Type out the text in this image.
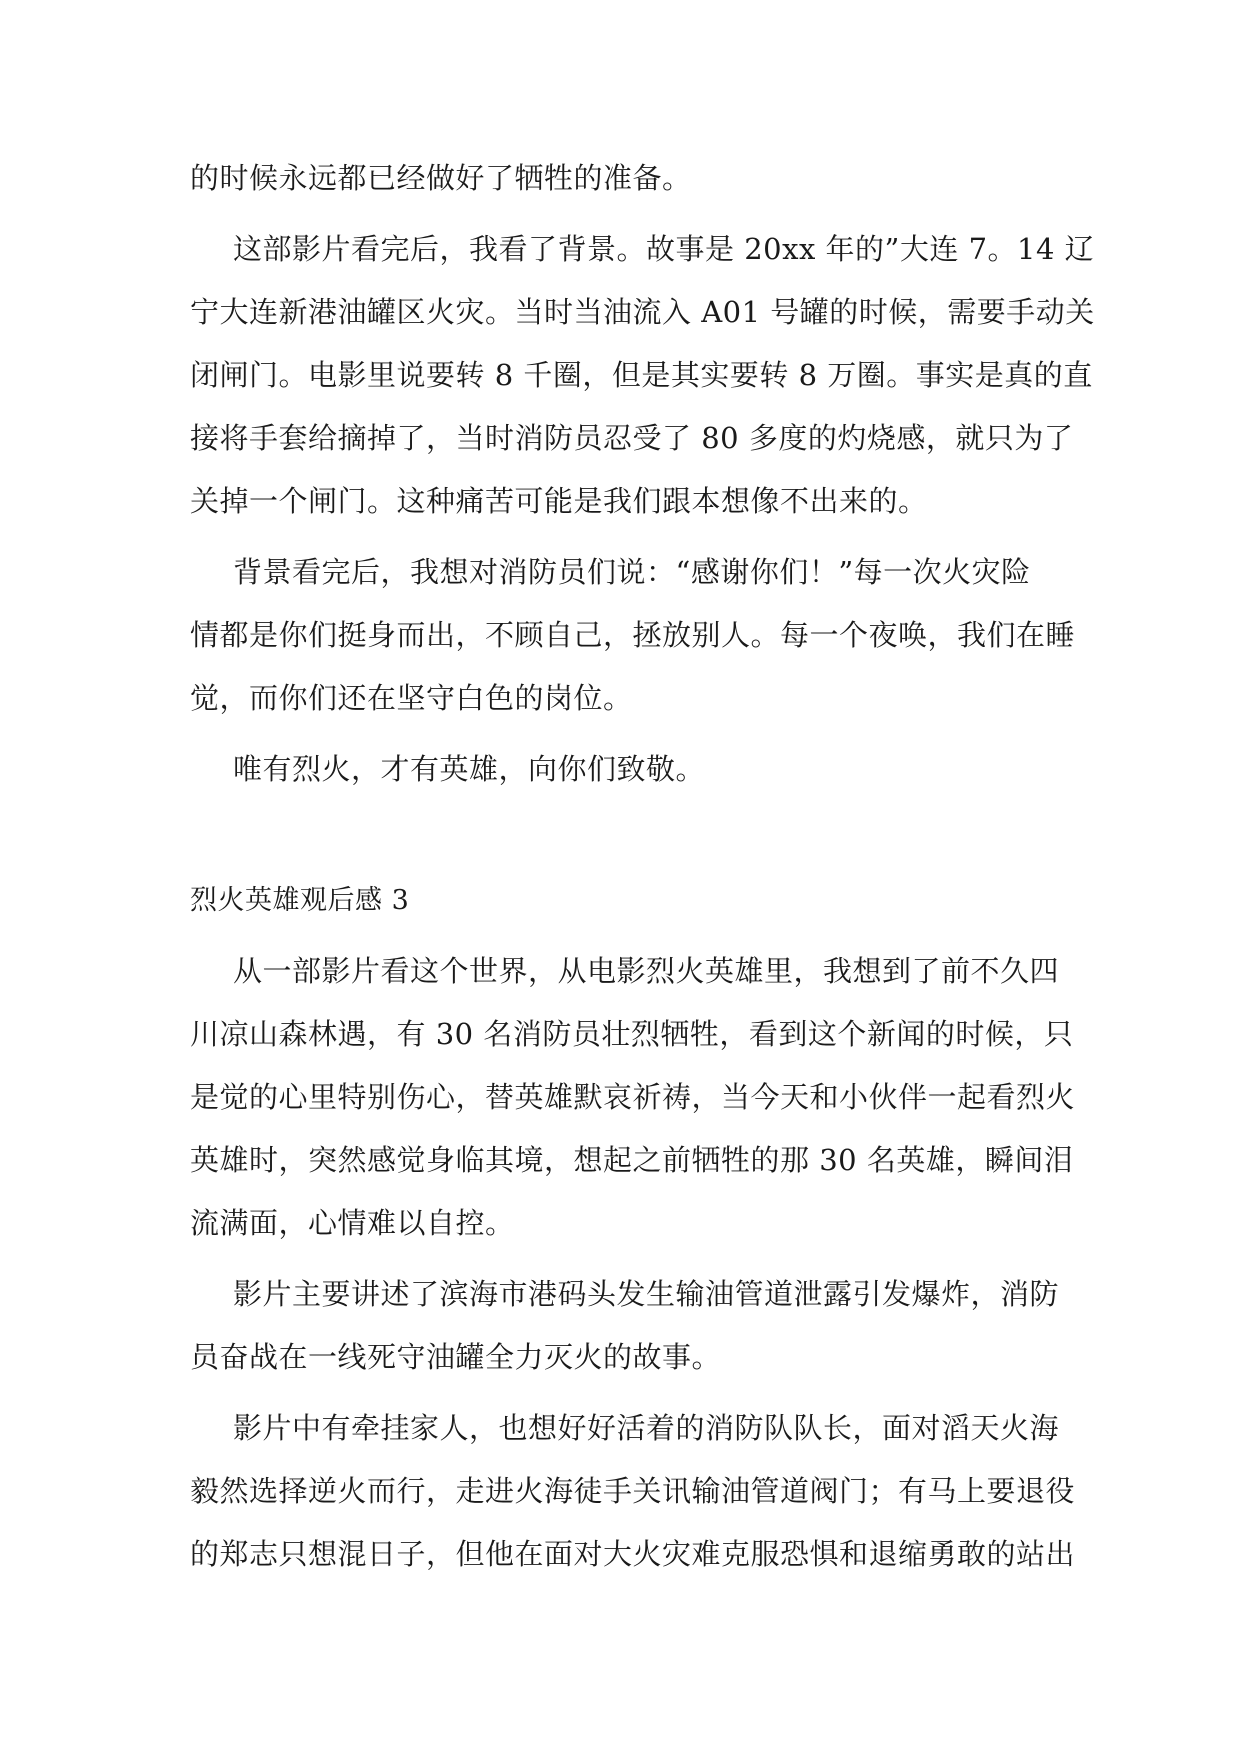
的时候永远都已经做好了牺牲的准备。

这部影片看完后，我看了背景。故事是 20xx 年的”大连 7。14 辽

宁大连新港油罐区火灾。当时当油流入 A01 号罐的时候，需要手动关

闭闸门。电影里说要转 8 千圈，但是其实要转 8 万圈。事实是真的直

接将手套给摘掉了，当时消防员忍受了 80 多度的灼烧感，就只为了

关掉一个闸门。这种痛苦可能是我们跟本想像不出来的。

背景看完后，我想对消防员们说：“感谢你们！”每一次火灾险

情都是你们挺身而出，不顾自己，拯放别人。每一个夜唤，我们在睡

觉，而你们还在坚守白色的岗位。

唯有烈火，才有英雄，向你们致敬。

烈火英雄观后感 3

从一部影片看这个世界，从电影烈火英雄里，我想到了前不久四

川凉山森林遇，有 30 名消防员壮烈牺牲，看到这个新闻的时候，只

是觉的心里特别伤心，替英雄默哀祈祷，当今天和小伙伴一起看烈火

英雄时，突然感觉身临其境，想起之前牺牲的那 30 名英雄，瞬间泪

流满面，心情难以自控。

影片主要讲述了滨海市港码头发生输油管道泄露引发爆炸，消防

员奋战在一线死守油罐全力灭火的故事。

影片中有牵挂家人，也想好好活着的消防队队长，面对滔天火海

毅然选择逆火而行，走进火海徒手关讯输油管道阀门；有马上要退役

的郑志只想混日子，但他在面对大火灾难克服恐惧和退缩勇敢的站出
